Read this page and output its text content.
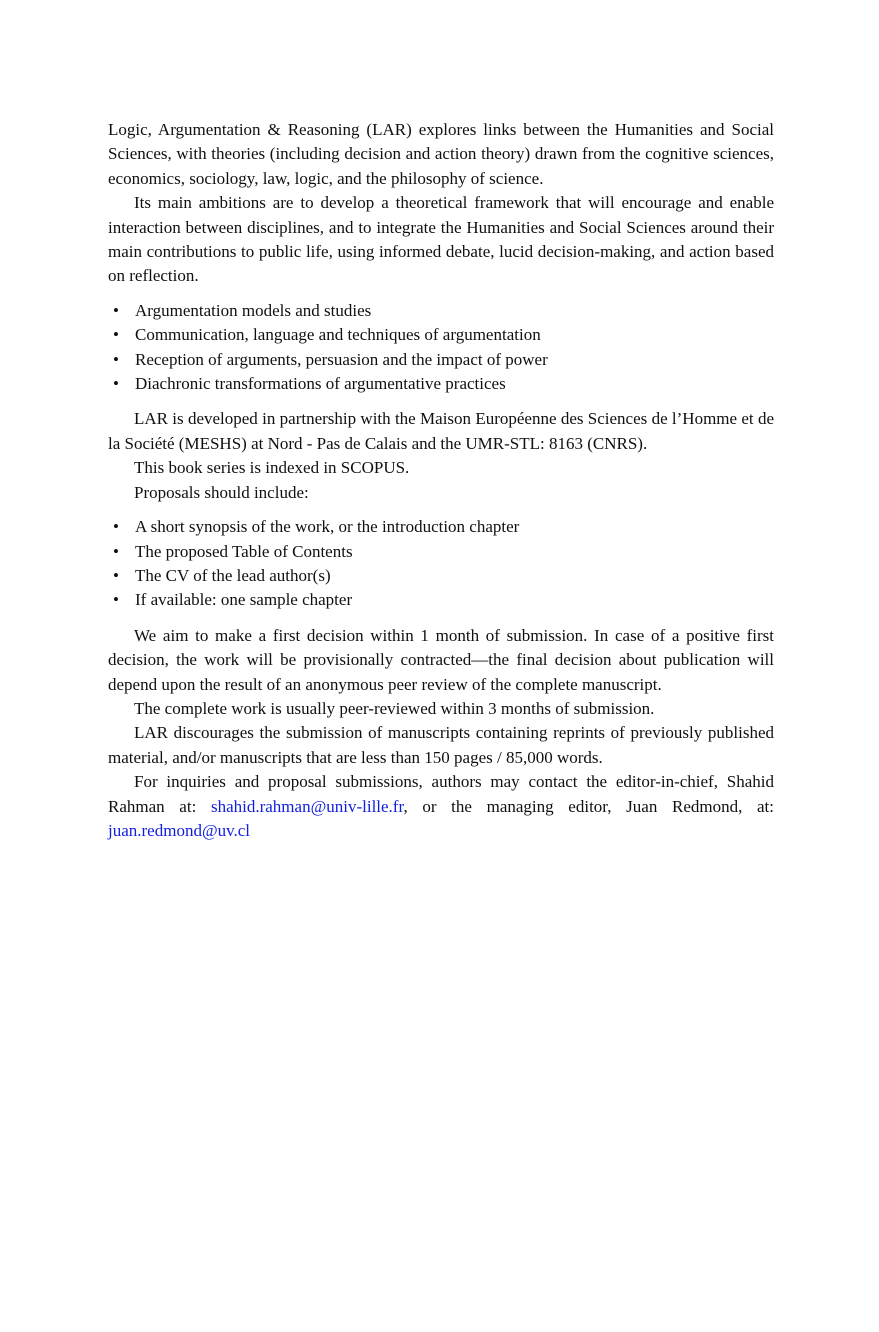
Logic, Argumentation & Reasoning (LAR) explores links between the Humanities and Social Sciences, with theories (including decision and action theory) drawn from the cognitive sciences, economics, sociology, law, logic, and the philosophy of science.

Its main ambitions are to develop a theoretical framework that will encourage and enable interaction between disciplines, and to integrate the Humanities and Social Sciences around their main contributions to public life, using informed debate, lucid decision-making, and action based on reflection.

• Argumentation models and studies
• Communication, language and techniques of argumentation
• Reception of arguments, persuasion and the impact of power
• Diachronic transformations of argumentative practices

LAR is developed in partnership with the Maison Européenne des Sciences de l’Homme et de la Société (MESHS) at Nord - Pas de Calais and the UMR-STL: 8163 (CNRS).

This book series is indexed in SCOPUS.

Proposals should include:

• A short synopsis of the work, or the introduction chapter
• The proposed Table of Contents
• The CV of the lead author(s)
• If available: one sample chapter

We aim to make a first decision within 1 month of submission. In case of a positive first decision, the work will be provisionally contracted—the final decision about publication will depend upon the result of an anonymous peer review of the complete manuscript.

The complete work is usually peer-reviewed within 3 months of submission.

LAR discourages the submission of manuscripts containing reprints of previously published material, and/or manuscripts that are less than 150 pages / 85,000 words.

For inquiries and proposal submissions, authors may contact the editor-in-chief, Shahid Rahman at: shahid.rahman@univ-lille.fr, or the managing editor, Juan Redmond, at: juan.redmond@uv.cl
